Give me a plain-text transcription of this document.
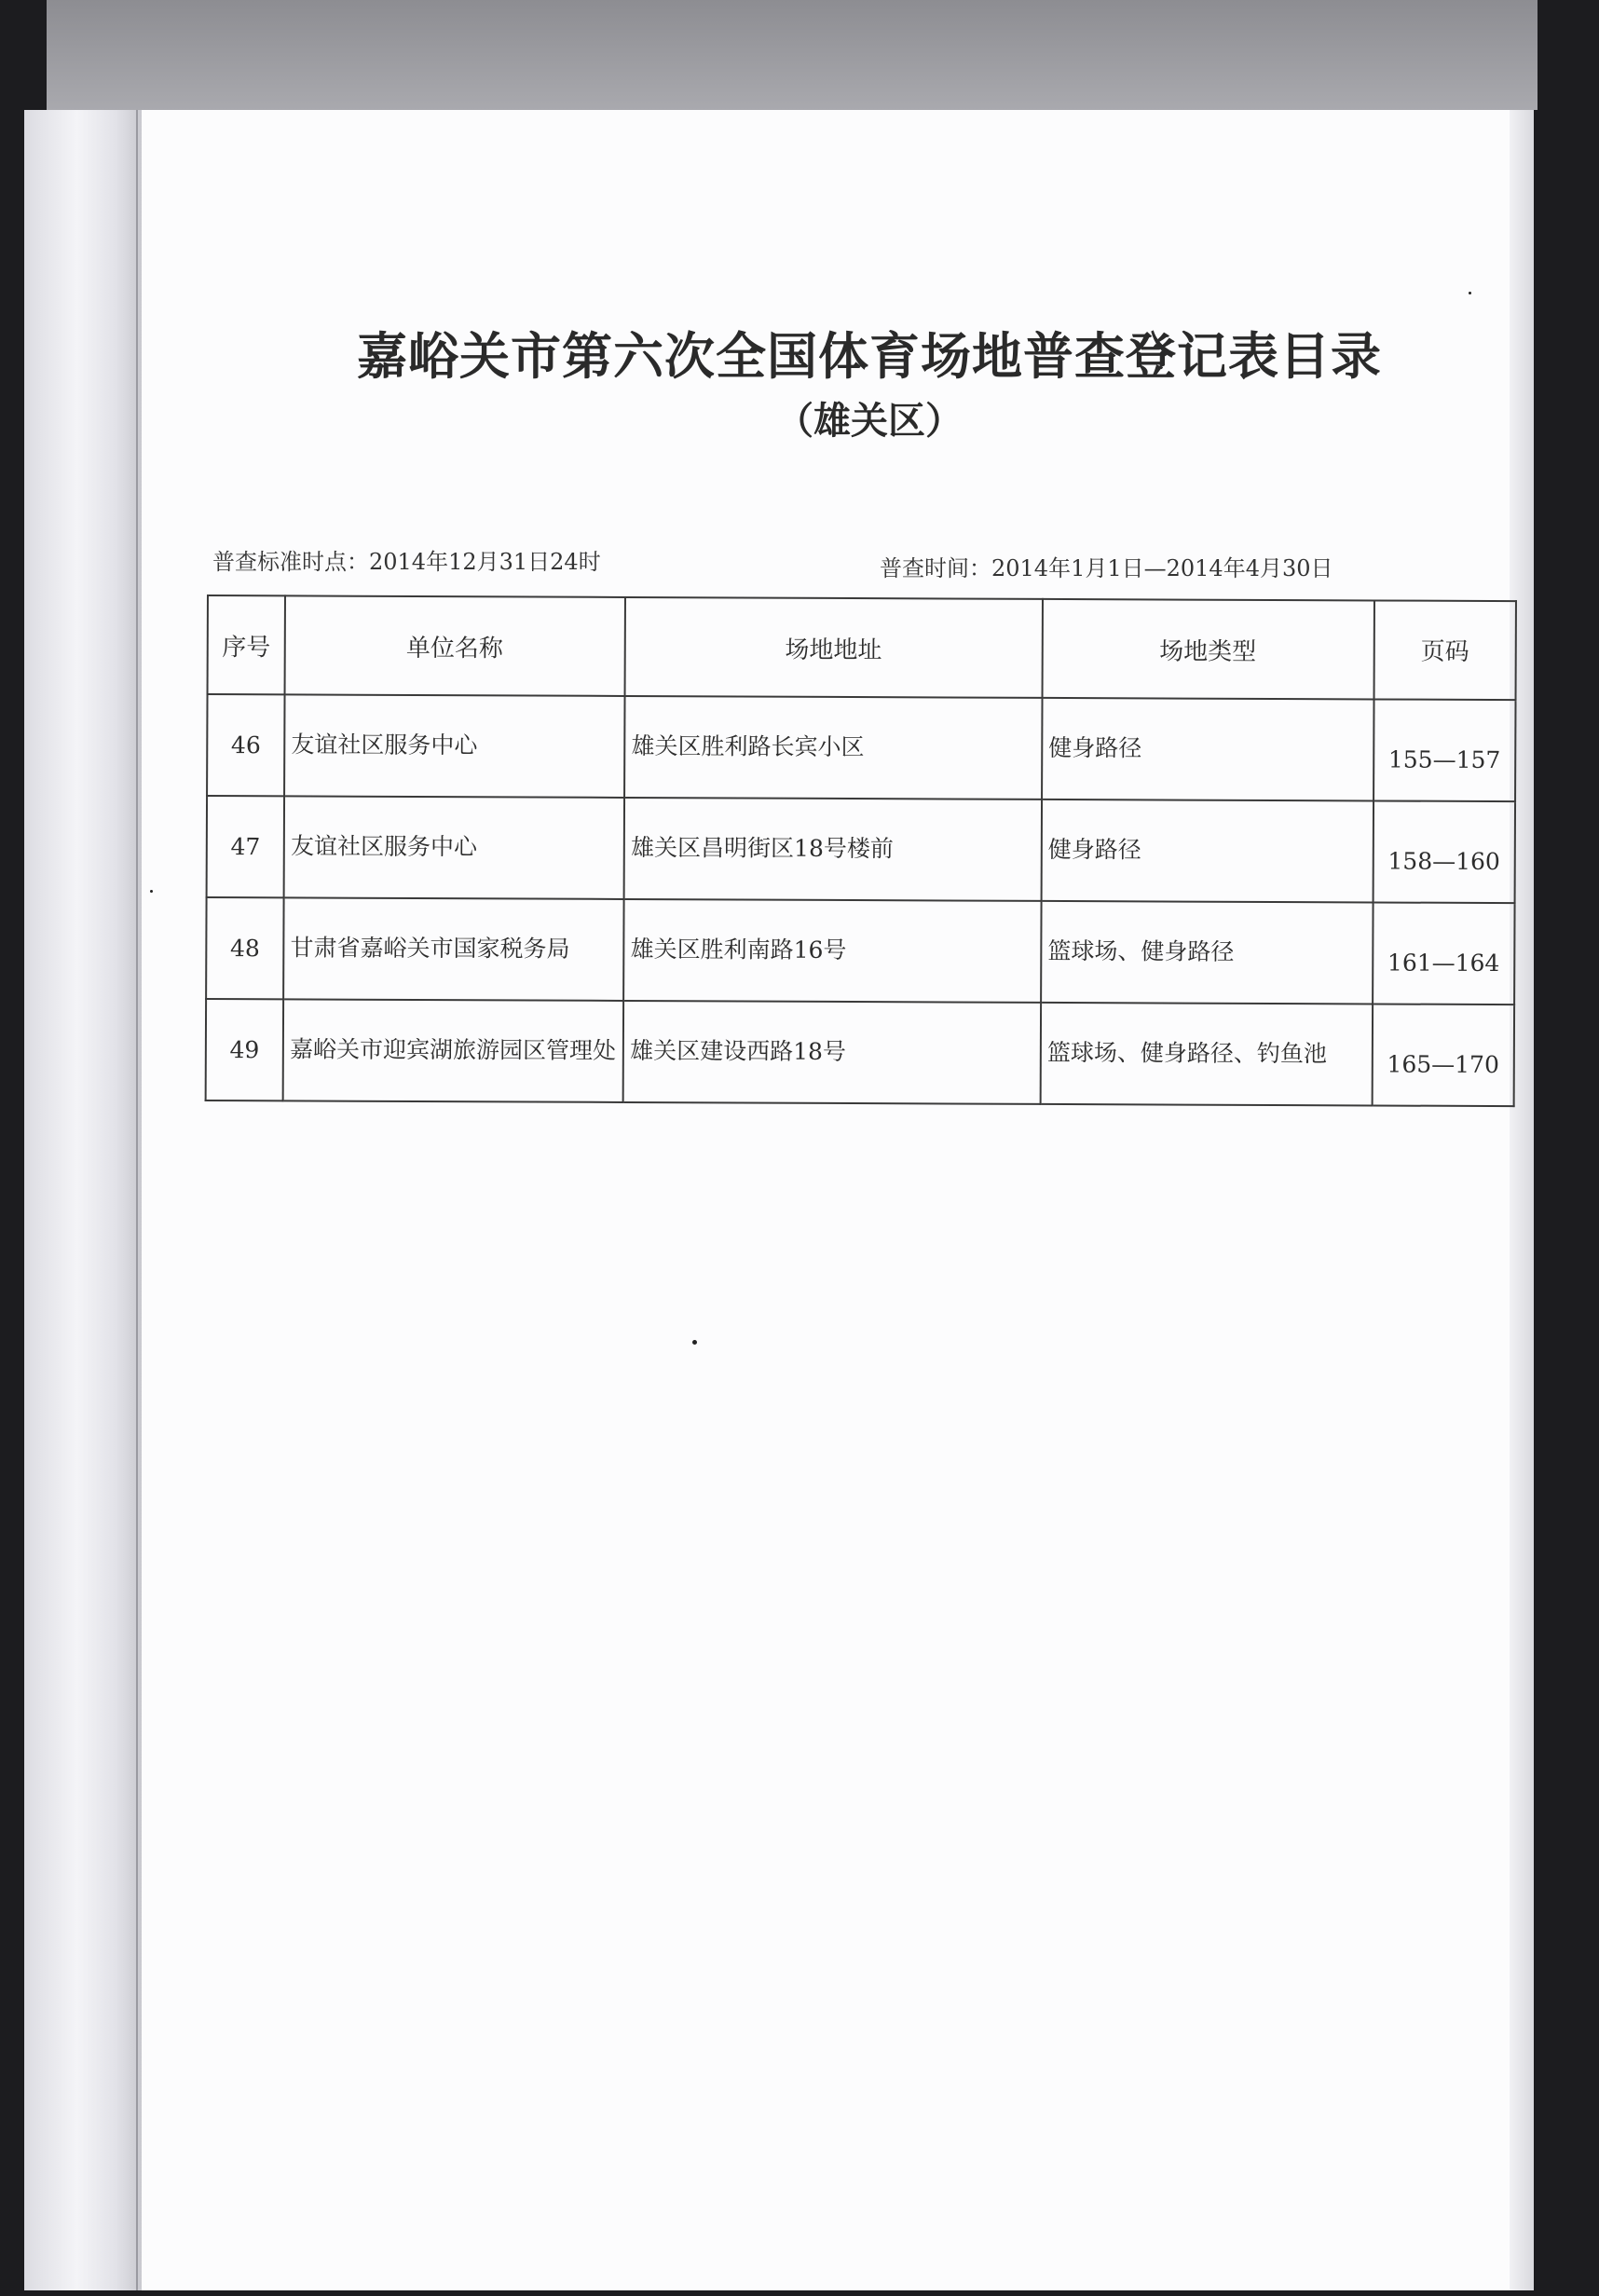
嘉峪关市第六次全国体育场地普查登记表目录
（雄关区）
普查标准时点：2014年12月31日24时	普查时间：2014年1月1日—2014年4月30日
序号	单位名称	场地地址	场地类型	页码
46	友谊社区服务中心	雄关区胜利路长宾小区	健身路径	155—157
47	友谊社区服务中心	雄关区昌明街区18号楼前	健身路径	158—160
48	甘肃省嘉峪关市国家税务局	雄关区胜利南路16号	篮球场、健身路径	161—164
49	嘉峪关市迎宾湖旅游园区管理处	雄关区建设西路18号	篮球场、健身路径、钓鱼池	165—170
